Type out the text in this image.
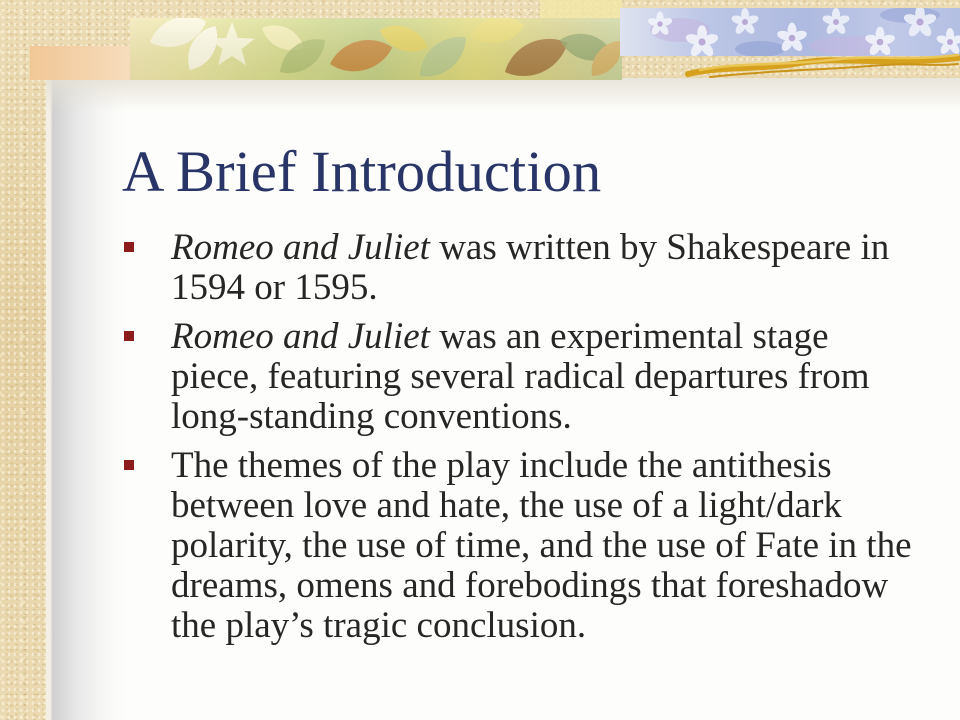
A Brief Introduction
Romeo and Juliet was written by Shakespeare in
1594 or 1595.
Romeo and Juliet was an experimental stage
piece, featuring several radical departures from
long-standing conventions.
The themes of the play include the antithesis
between love and hate, the use of a light/dark
polarity, the use of time, and the use of Fate in the
dreams, omens and forebodings that foreshadow
the play’s tragic conclusion.
